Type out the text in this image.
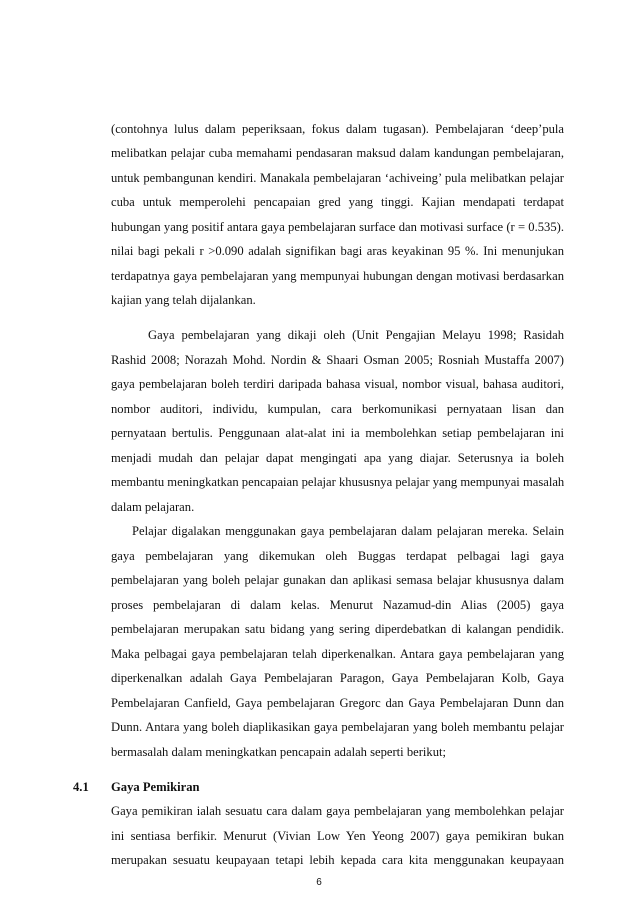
(contohnya lulus dalam peperiksaan, fokus dalam tugasan). Pembelajaran ‘deep’pula
melibatkan pelajar cuba memahami pendasaran maksud dalam kandungan pembelajaran,
untuk pembangunan kendiri. Manakala pembelajaran ‘achiveing’ pula melibatkan pelajar
cuba untuk memperolehi pencapaian gred yang tinggi. Kajian mendapati terdapat
hubungan yang positif antara gaya pembelajaran surface dan motivasi surface (r = 0.535).
nilai bagi pekali r >0.090 adalah signifikan bagi aras keyakinan 95 %. Ini menunjukan
terdapatnya gaya pembelajaran yang mempunyai hubungan dengan motivasi berdasarkan
kajian yang telah dijalankan.
Gaya pembelajaran yang dikaji oleh (Unit Pengajian Melayu 1998; Rasidah
Rashid 2008; Norazah Mohd. Nordin & Shaari Osman 2005; Rosniah Mustaffa 2007)
gaya pembelajaran boleh terdiri daripada bahasa visual, nombor visual, bahasa auditori,
nombor auditori, individu, kumpulan, cara berkomunikasi pernyataan lisan dan
pernyataan bertulis. Penggunaan alat-alat ini ia membolehkan setiap pembelajaran ini
menjadi mudah dan pelajar dapat mengingati apa yang diajar. Seterusnya ia boleh
membantu meningkatkan pencapaian pelajar khususnya pelajar yang mempunyai masalah
dalam pelajaran.
Pelajar digalakan menggunakan gaya pembelajaran dalam pelajaran mereka. Selain
gaya pembelajaran yang dikemukan oleh Buggas terdapat pelbagai lagi gaya
pembelajaran yang boleh pelajar gunakan dan aplikasi semasa belajar khususnya dalam
proses pembelajaran di dalam kelas. Menurut Nazamud-din Alias (2005) gaya
pembelajaran merupakan satu bidang yang sering diperdebatkan di kalangan pendidik.
Maka pelbagai gaya pembelajaran telah diperkenalkan. Antara gaya pembelajaran yang
diperkenalkan adalah Gaya Pembelajaran Paragon, Gaya Pembelajaran Kolb, Gaya
Pembelajaran Canfield, Gaya pembelajaran Gregorc dan Gaya Pembelajaran Dunn dan
Dunn. Antara yang boleh diaplikasikan gaya pembelajaran yang boleh membantu pelajar
bermasalah dalam meningkatkan pencapain adalah seperti berikut;
4.1 Gaya Pemikiran
Gaya pemikiran ialah sesuatu cara dalam gaya pembelajaran yang membolehkan pelajar
ini sentiasa berfikir. Menurut (Vivian Low Yen Yeong 2007) gaya pemikiran bukan
merupakan sesuatu keupayaan tetapi lebih kepada cara kita menggunakan keupayaan
6
